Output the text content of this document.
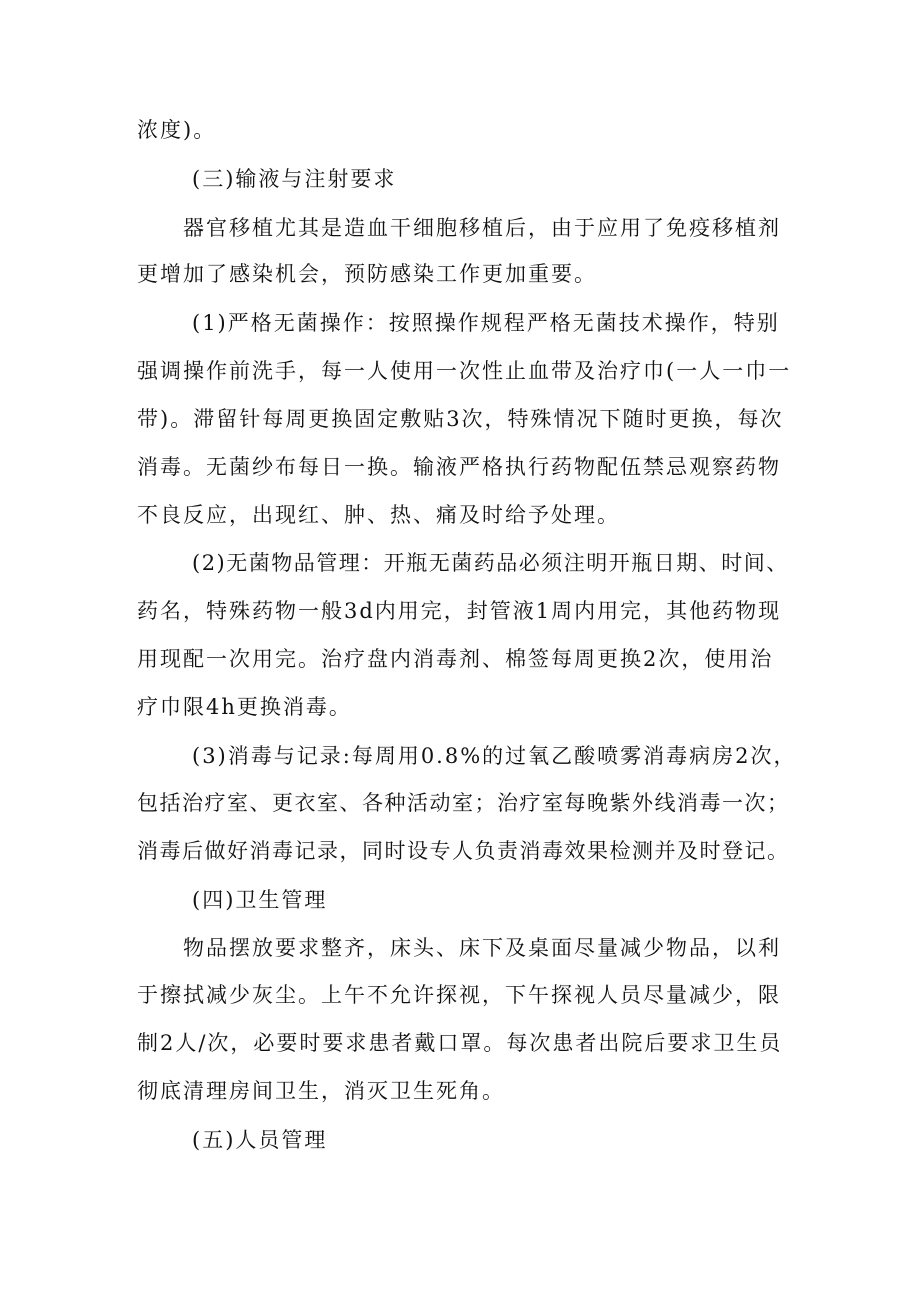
浓度)。
(三)输液与注射要求
器官移植尤其是造血干细胞移植后，由于应用了免疫移植剂
更增加了感染机会，预防感染工作更加重要。
(1)严格无菌操作：按照操作规程严格无菌技术操作，特别
强调操作前洗手，每一人使用一次性止血带及治疗巾(一人一巾一
带)。滞留针每周更换固定敷贴3次，特殊情况下随时更换，每次
消毒。无菌纱布每日一换。输液严格执行药物配伍禁忌观察药物
不良反应，出现红、肿、热、痛及时给予处理。
(2)无菌物品管理：开瓶无菌药品必须注明开瓶日期、时间、
药名，特殊药物一般3d内用完，封管液1周内用完，其他药物现
用现配一次用完。治疗盘内消毒剂、棉签每周更换2次，使用治
疗巾限4h更换消毒。
(3)消毒与记录:每周用0.8%的过氧乙酸喷雾消毒病房2次，
包括治疗室、更衣室、各种活动室；治疗室每晚紫外线消毒一次；
消毒后做好消毒记录，同时设专人负责消毒效果检测并及时登记。
(四)卫生管理
物品摆放要求整齐，床头、床下及桌面尽量减少物品，以利
于擦拭减少灰尘。上午不允许探视，下午探视人员尽量减少，限
制2人/次，必要时要求患者戴口罩。每次患者出院后要求卫生员
彻底清理房间卫生，消灭卫生死角。
(五)人员管理
